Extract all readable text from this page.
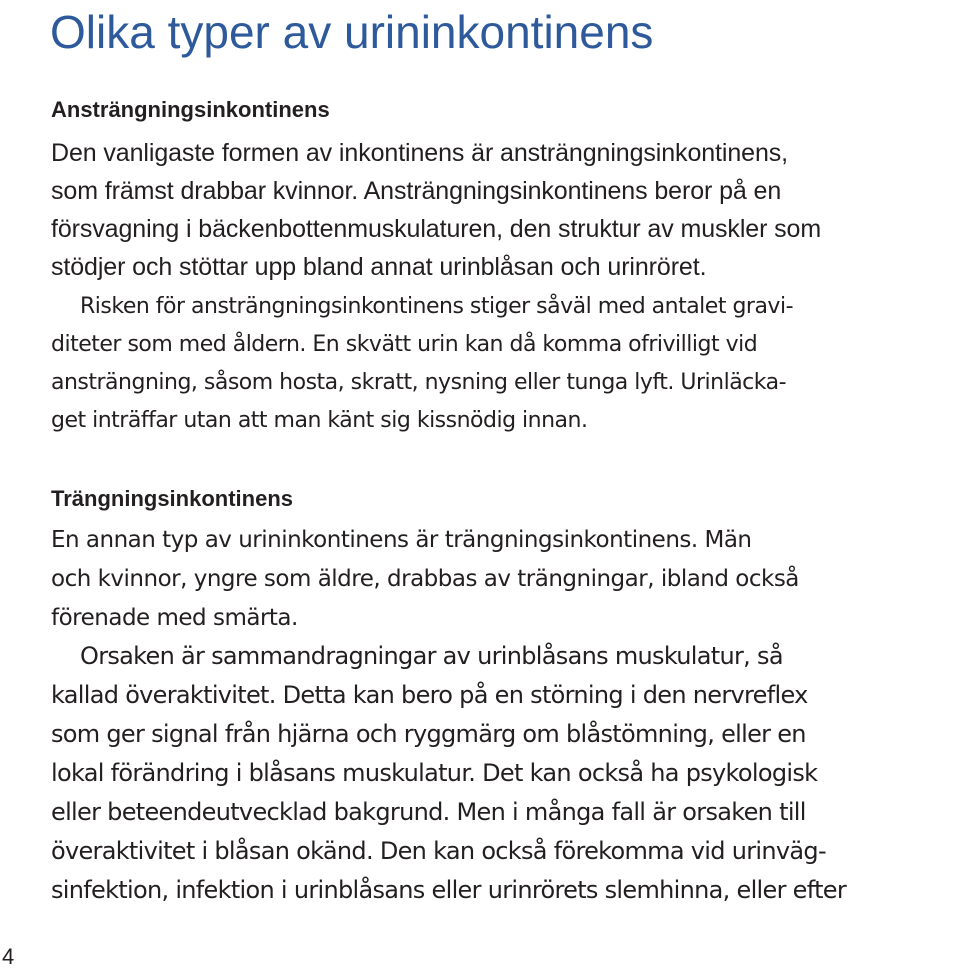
Olika typer av urininkontinens
Ansträngningsinkontinens

Den vanligaste formen av inkontinens är ansträngningsinkontinens,

som främst drabbar kvinnor. Ansträngningsinkontinens beror på en

försvagning i bäckenbottenmuskulaturen, den struktur av muskler som

stödjer och stöttar upp bland annat urinblåsan och urinröret.

Risken för ansträngningsinkontinens stiger såväl med antalet gravi-

diteter som med åldern. En skvätt urin kan då komma ofrivilligt vid

ansträngning, såsom hosta, skratt, nysning eller tunga lyft. Urinläcka-

get inträffar utan att man känt sig kissnödig innan.

Trängningsinkontinens

En annan typ av urininkontinens är trängningsinkontinens. Män

och kvinnor, yngre som äldre, drabbas av trängningar, ibland också

förenade med smärta.

Orsaken är sammandragningar av urinblåsans muskulatur, så

kallad överaktivitet. Detta kan bero på en störning i den nervreflex

som ger signal från hjärna och ryggmärg om blåstömning, eller en

lokal förändring i blåsans muskulatur. Det kan också ha psykologisk

eller beteendeutvecklad bakgrund. Men i många fall är orsaken till

överaktivitet i blåsan okänd. Den kan också förekomma vid urinväg-

sinfektion, infektion i urinblåsans eller urinrörets slemhinna, eller efter

4
